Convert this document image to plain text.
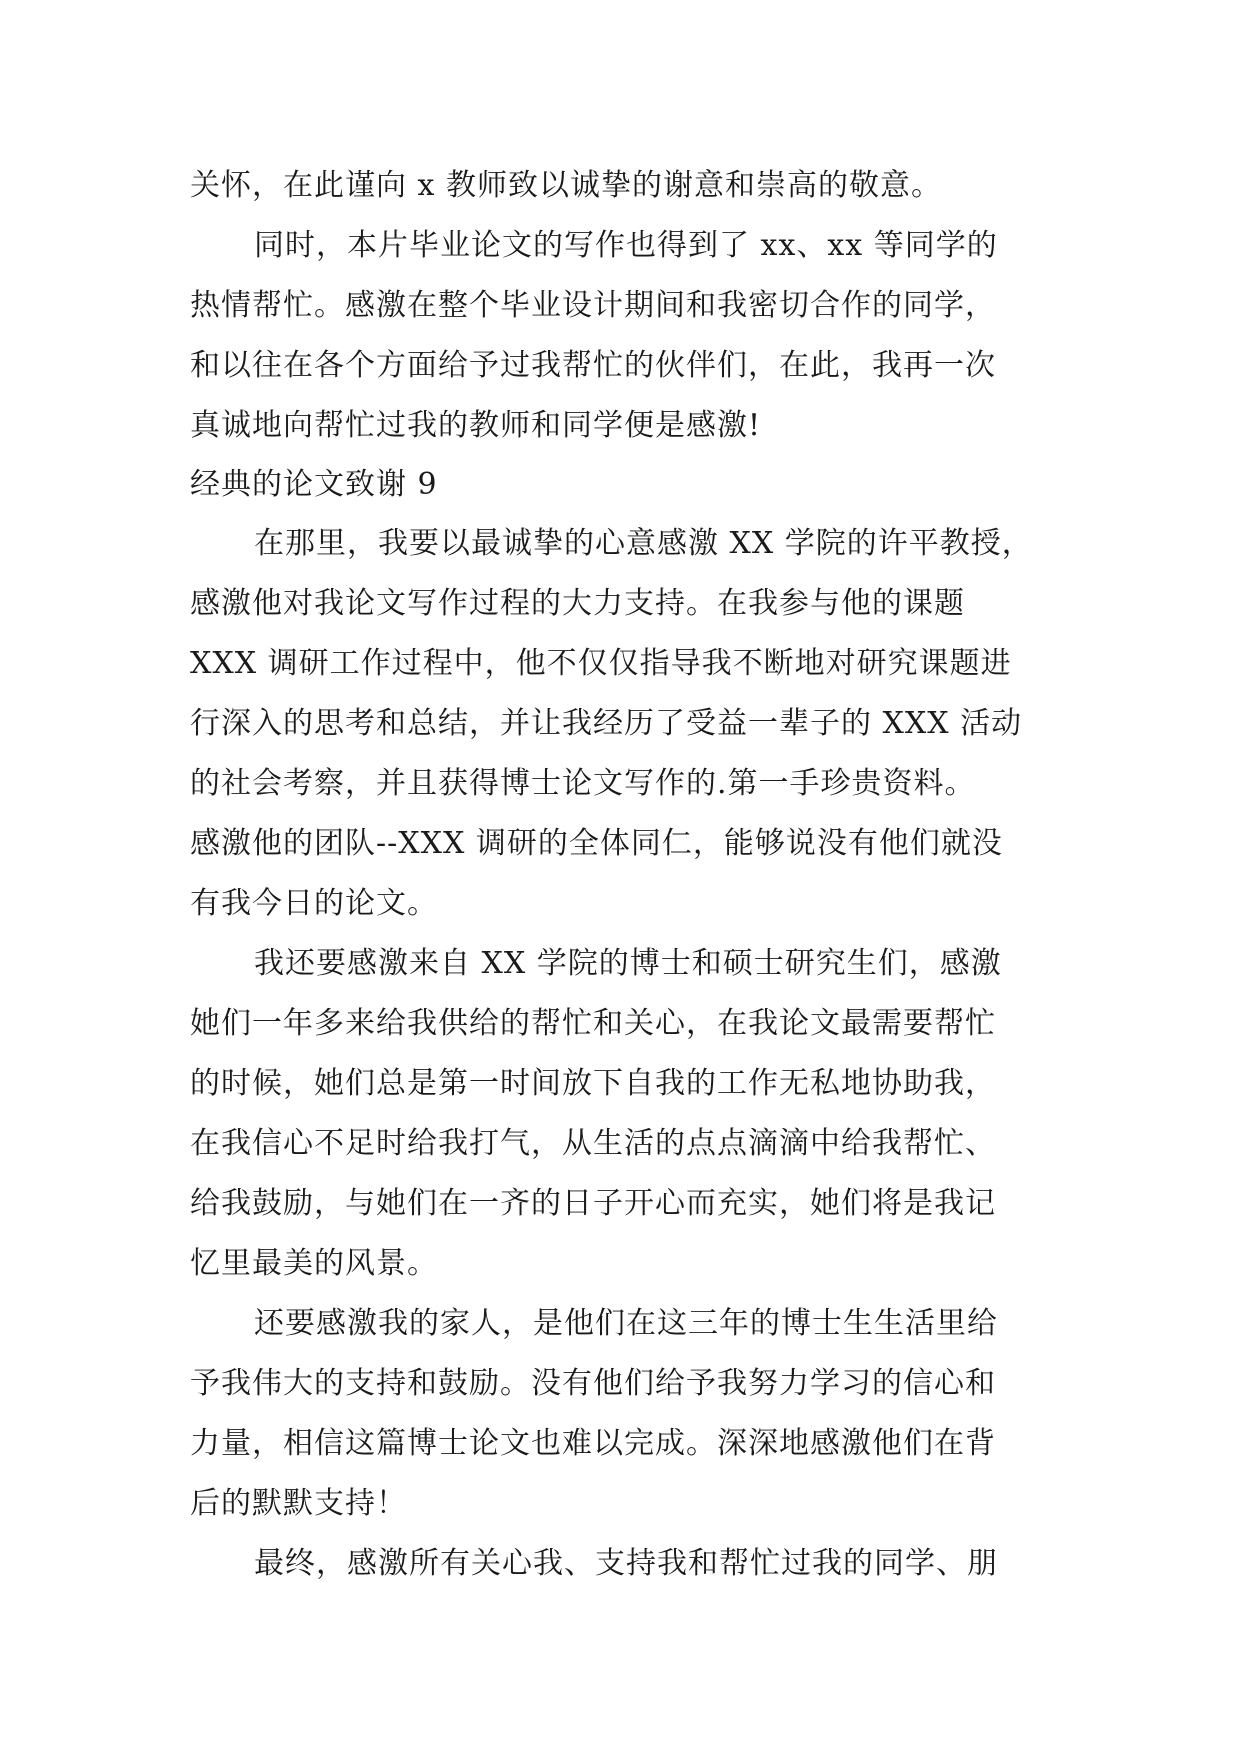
关怀，在此谨向 x 教师致以诚挚的谢意和崇高的敬意。
同时，本片毕业论文的写作也得到了 xx、xx 等同学的
热情帮忙。感激在整个毕业设计期间和我密切合作的同学，
和以往在各个方面给予过我帮忙的伙伴们，在此，我再一次
真诚地向帮忙过我的教师和同学便是感激!
经典的论文致谢 9
在那里，我要以最诚挚的心意感激 XX 学院的许平教授，
感激他对我论文写作过程的大力支持。在我参与他的课题
XXX 调研工作过程中，他不仅仅指导我不断地对研究课题进
行深入的思考和总结，并让我经历了受益一辈子的 XXX 活动
的社会考察，并且获得博士论文写作的.第一手珍贵资料。
感激他的团队--XXX 调研的全体同仁，能够说没有他们就没
有我今日的论文。
我还要感激来自 XX 学院的博士和硕士研究生们，感激
她们一年多来给我供给的帮忙和关心，在我论文最需要帮忙
的时候，她们总是第一时间放下自我的工作无私地协助我，
在我信心不足时给我打气，从生活的点点滴滴中给我帮忙、
给我鼓励，与她们在一齐的日子开心而充实，她们将是我记
忆里最美的风景。
还要感激我的家人，是他们在这三年的博士生生活里给
予我伟大的支持和鼓励。没有他们给予我努力学习的信心和
力量，相信这篇博士论文也难以完成。深深地感激他们在背
后的默默支持！
最终，感激所有关心我、支持我和帮忙过我的同学、朋
